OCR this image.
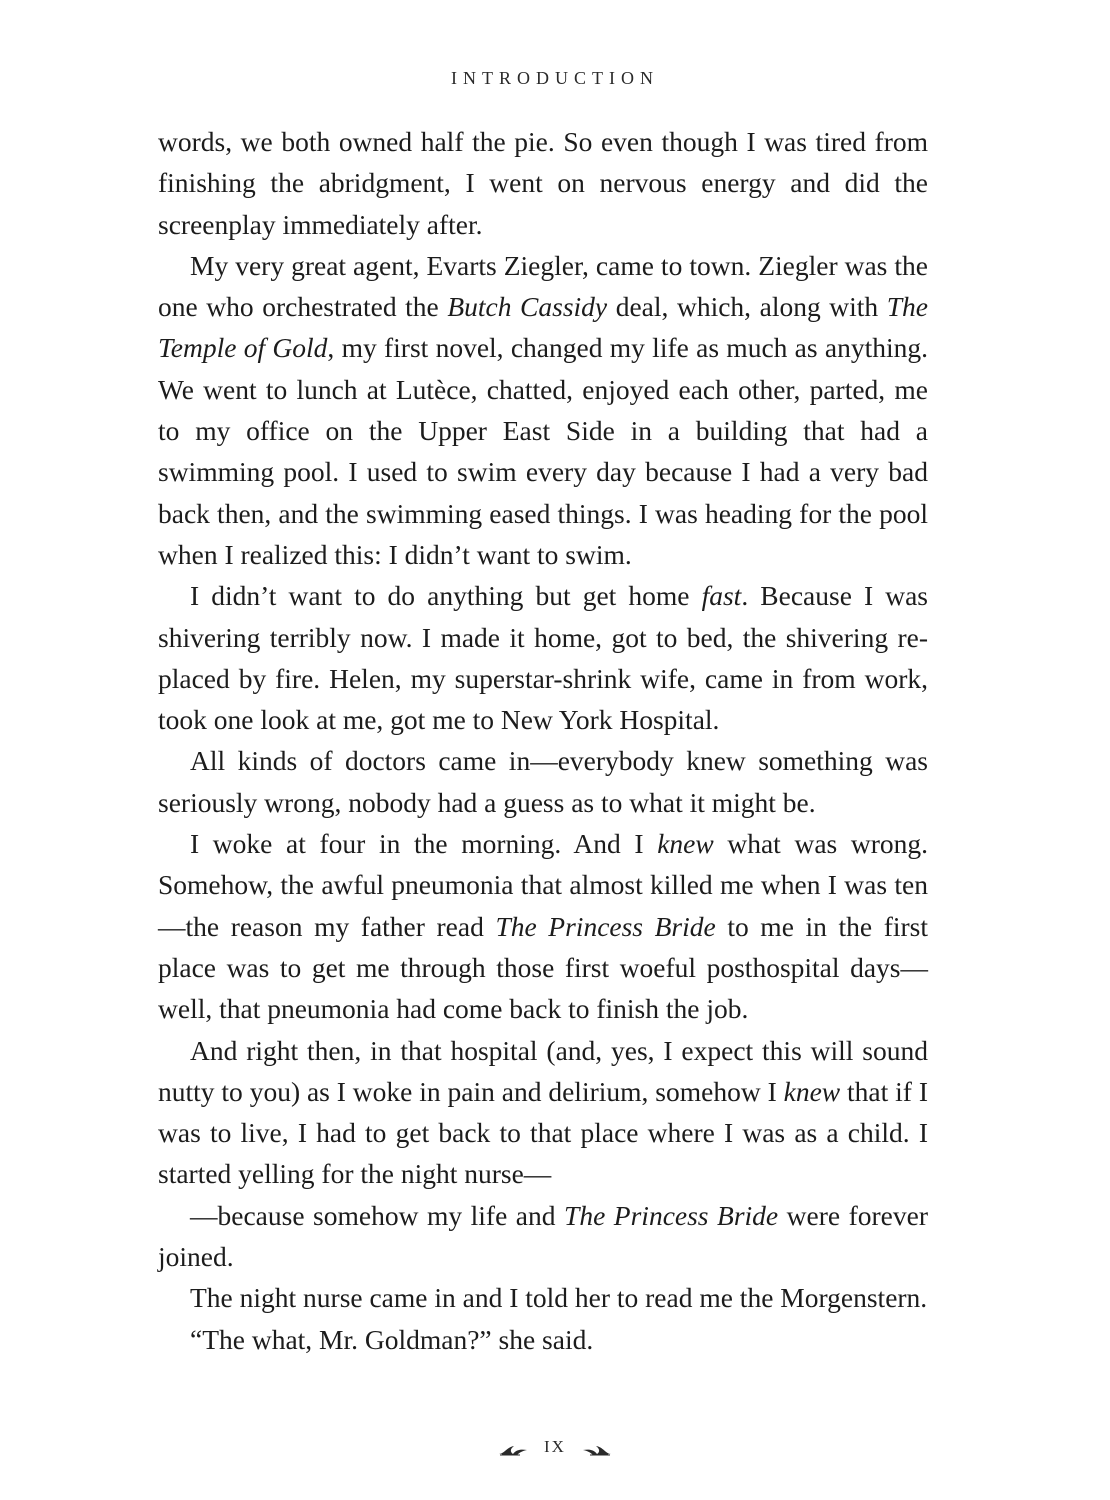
INTRODUCTION

words, we both owned half the pie. So even though I was tired from finishing the abridgment, I went on nervous energy and did the screenplay immediately after.

My very great agent, Evarts Ziegler, came to town. Ziegler was the one who orchestrated the Butch Cassidy deal, which, along with The Temple of Gold, my first novel, changed my life as much as anything. We went to lunch at Lutèce, chatted, enjoyed each other, parted, me to my office on the Upper East Side in a building that had a swimming pool. I used to swim every day because I had a very bad back then, and the swimming eased things. I was heading for the pool when I realized this: I didn’t want to swim.

I didn’t want to do anything but get home fast. Because I was shivering terribly now. I made it home, got to bed, the shivering replaced by fire. Helen, my superstar-shrink wife, came in from work, took one look at me, got me to New York Hospital.

All kinds of doctors came in—everybody knew something was seriously wrong, nobody had a guess as to what it might be.

I woke at four in the morning. And I knew what was wrong. Somehow, the awful pneumonia that almost killed me when I was ten—the reason my father read The Princess Bride to me in the first place was to get me through those first woeful posthospital days—well, that pneumonia had come back to finish the job.

And right then, in that hospital (and, yes, I expect this will sound nutty to you) as I woke in pain and delirium, somehow I knew that if I was to live, I had to get back to that place where I was as a child. I started yelling for the night nurse—

—because somehow my life and The Princess Bride were forever joined.

The night nurse came in and I told her to read me the Morgenstern.

“The what, Mr. Goldman?” she said.

IX
